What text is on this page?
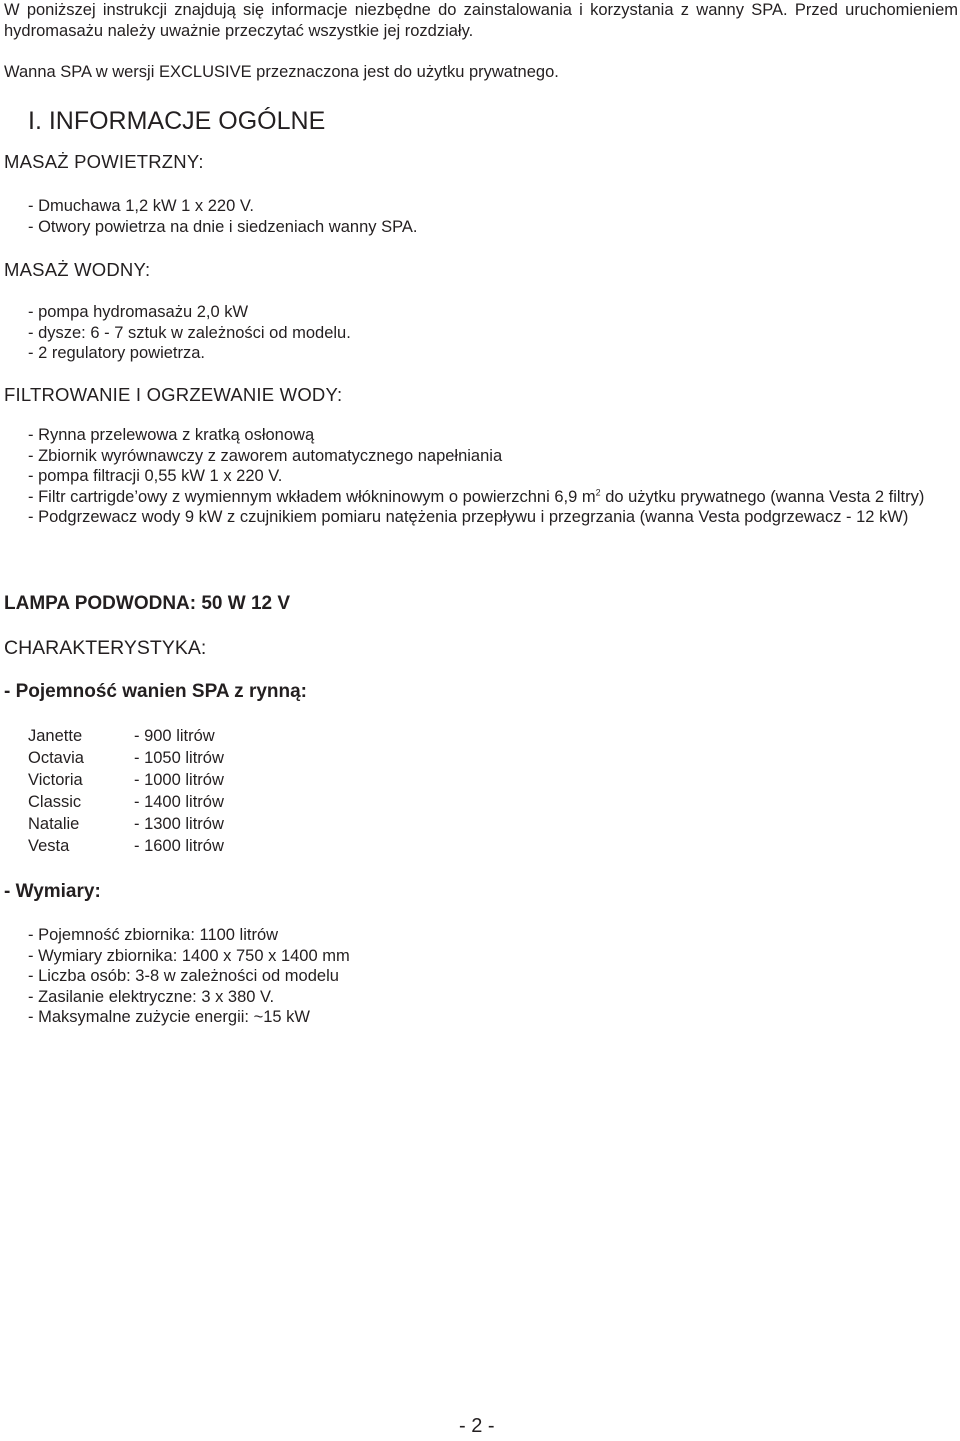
W poniższej instrukcji znajdują się informacje niezbędne do zainstalowania i korzystania z wanny SPA. Przed uruchomieniem hydromasażu należy uważnie przeczytać wszystkie jej rozdziały.
Wanna SPA w wersji EXCLUSIVE przeznaczona jest do użytku prywatnego.
I. INFORMACJE OGÓLNE
MASAŻ POWIETRZNY:
- Dmuchawa 1,2 kW 1 x 220 V.
- Otwory powietrza na dnie i siedzeniach wanny SPA.
MASAŻ WODNY:
- pompa hydromasażu 2,0 kW
- dysze: 6 - 7 sztuk w zależności od modelu.
- 2 regulatory powietrza.
FILTROWANIE I OGRZEWANIE WODY:
- Rynna przelewowa z kratką osłonową
- Zbiornik wyrównawczy z zaworem automatycznego napełniania
- pompa filtracji 0,55 kW 1 x 220 V.
- Filtr cartrigde’owy z wymiennym wkładem włókninowym o powierzchni 6,9 $m^2$ do użytku prywatnego (wanna Vesta 2 filtry)
- Podgrzewacz wody 9 kW z czujnikiem pomiaru natężenia przepływu i przegrzania (wanna Vesta podgrzewacz - 12 kW)
LAMPA PODWODNA: 50 W 12 V
CHARAKTERYSTYKA:
- Pojemność wanien SPA z rynną:
Janette	- 900 litrów
Octavia	- 1050 litrów
Victoria	- 1000 litrów
Classic	- 1400 litrów
Natalie	- 1300 litrów
Vesta	- 1600 litrów
- Wymiary:
- Pojemność zbiornika: 1100 litrów
- Wymiary zbiornika: 1400 x 750 x 1400 mm
- Liczba osób: 3-8 w zależności od modelu
- Zasilanie elektryczne: 3 x 380 V.
- Maksymalne zużycie energii: ~15 kW
- 2 -
